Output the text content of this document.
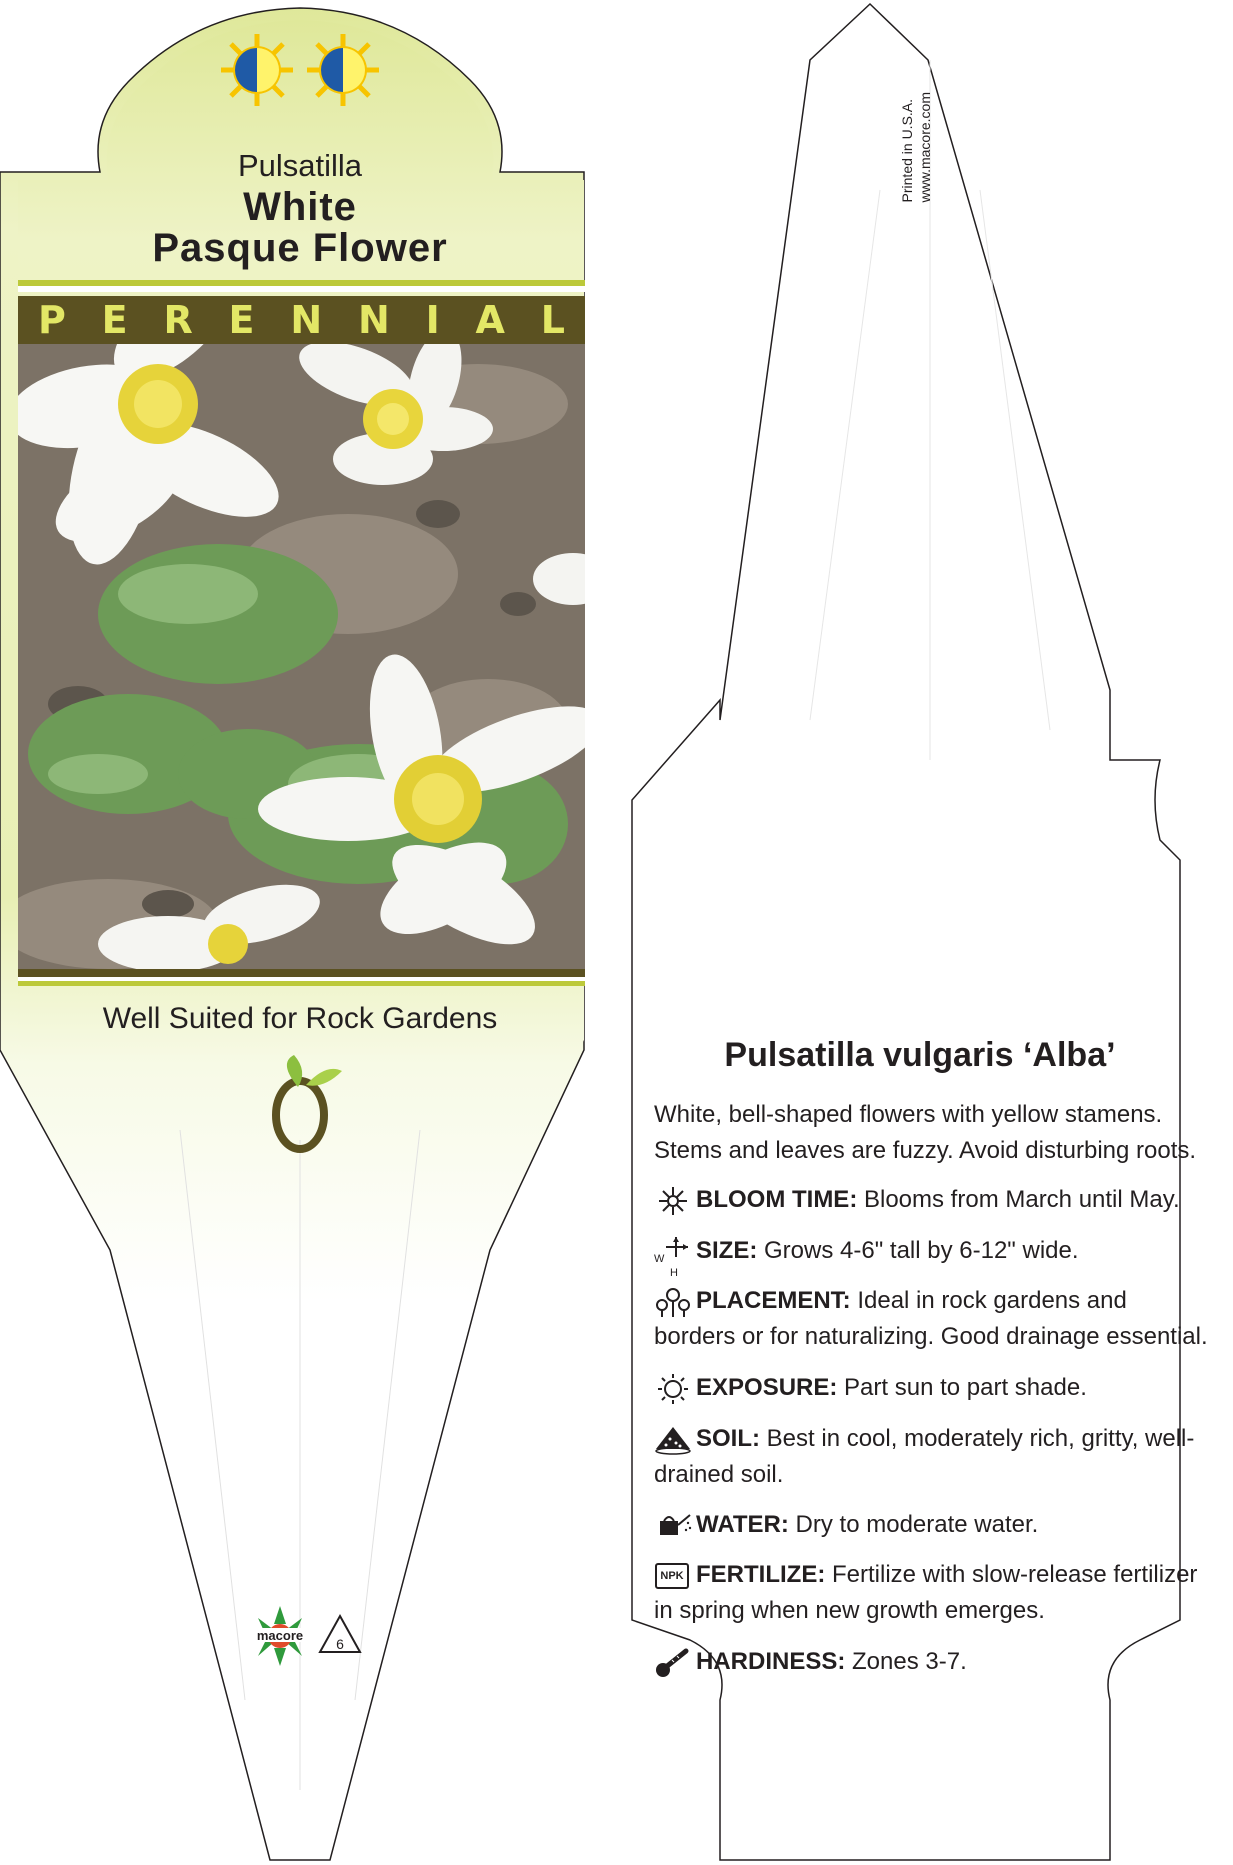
Pulsatilla
White
Pasque Flower
P E R E N N I A L
Well Suited for Rock Gardens
macore
6
Printed in U.S.A. www.macore.com
Pulsatilla vulgaris ‘Alba’
White, bell-shaped flowers with yellow stamens. Stems and leaves are fuzzy. Avoid disturbing roots.
BLOOM TIME: Blooms from March until May.
W
H
SIZE: Grows 4-6" tall by 6-12" wide.
PLACEMENT: Ideal in rock gardens and borders or for naturalizing. Good drainage essential.
EXPOSURE: Part sun to part shade.
SOIL: Best in cool, moderately rich, gritty, well-drained soil.
WATER: Dry to moderate water.
NPK FERTILIZE: Fertilize with slow-release fertilizer in spring when new growth emerges.
HARDINESS: Zones 3-7.
